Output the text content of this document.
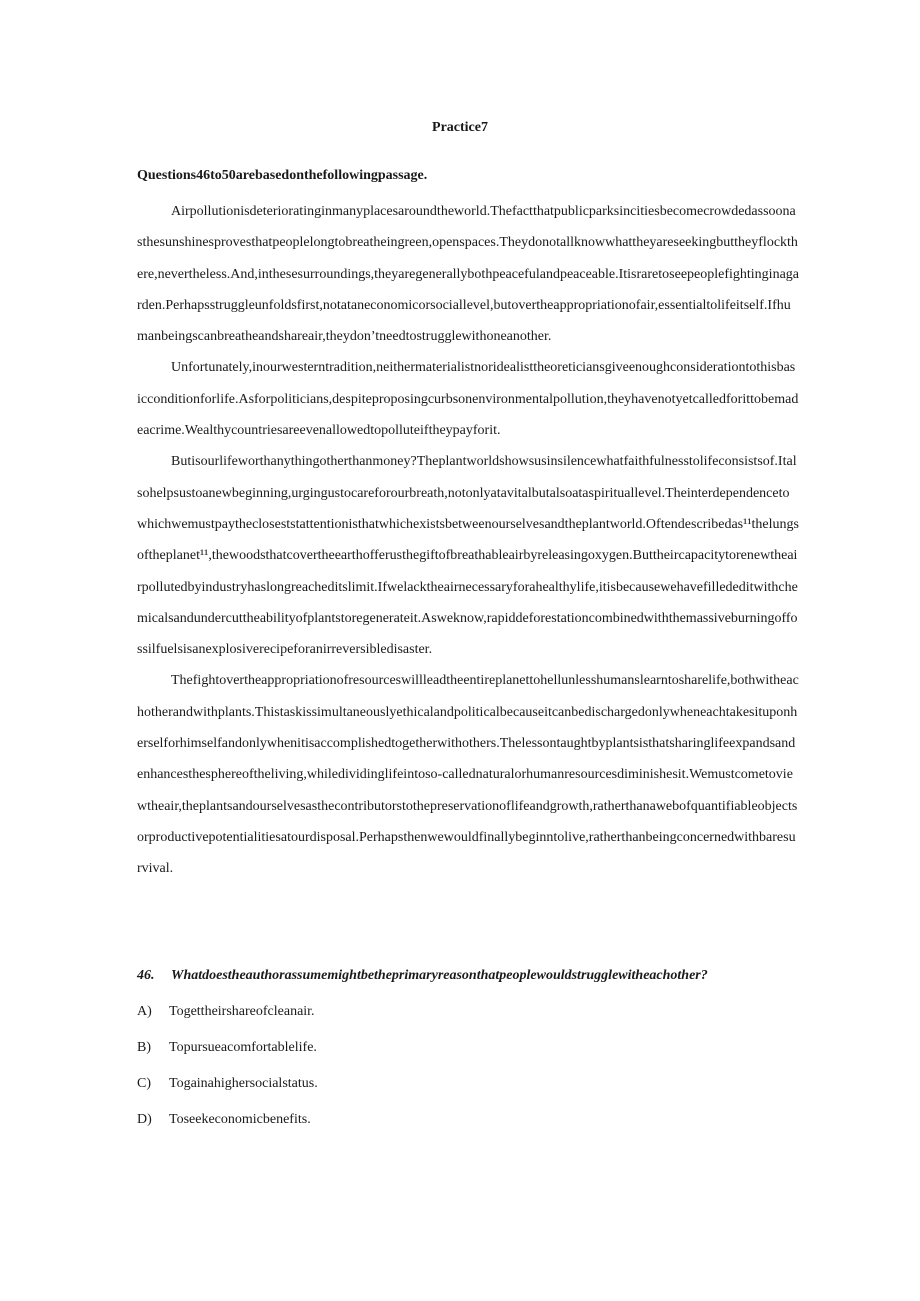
Practice7
Questions46to50arebasedonthefollowingpassage.

Airpollutionisdeterioratinginmanyplacesaroundtheworld.Thefactthatpublicparksincitiesbecomecrowdedassoonasthesunshinesprovesthatpeoplelongtobreatheingreen,openspaces.Theydonotallknowwhattheyareseekingbuttheyflockthere,nevertheless.And,inthesesurroundings,theyaregenerallybothpeacefulandpeaceable.Itisraretoseepeoplefightinginagarden.Perhapsstruggleunfoldsfirst,notataneconomicorsociallevel,butovertheappropriationofair,essentialtolifeitself.Ifhumanbeingscanbreatheandshareair,theydon’tneedtostrugglewithoneanother.

Unfortunately,inourwesterntradition,neithermaterialistnoridealisttheoreticiansgiveenoughconsiderationtothisbasicconditionforlife.Asforpoliticians,despiteproposingcurbsonenvironmentalpollution,theyhavenotyetcalledforittobemadeacrime.Wealthycountriesareevenallowedtopolluteiftheypayforit.

Butisourlifeworthanythingotherthanmoney?Theplantworldshowsusinsilencewhatfaithfulnesstolifeconsistsof.Italsohelpsustoanewbeginning,urgingustocareforourbreath,notonlyatavitalbutalsoataspirituallevel.Theinterdependencetowhichwemustpaythecloseststattentionisthatwhichexistsbetweenourselvesandtheplantworld.Oftendescribedas¹¹thelungsoftheplanet¹¹,thewoodsthatcovertheearthofferusthegiftofbreathableairbyreleasingoxygen.Buttheircapacitytorenewtheairpollutedbyindustryhaslongreacheditslimit.Ifwelacktheairnecessaryforahealthylife,itisbecausewehavefillededitwithchemicalsandundercuttheabilityofplantstoregenerateit.Asweknow,rapiddeforestationcombinedwiththemassiveburningoffossilfuelsisanexplosiverecipeforanirreversibledisaster.

Thefightovertheappropriationofresourceswillleadtheentireplanettohellunlesshumanslearntosharelife,bothwitheachotherandwithplants.Thistaskissimultaneouslyethicalandpoliticalbecauseitcanbedischargedonlywheneachtakesituponherselforhimselfandonlywhenitisaccomplishedtogetherwithothers.Thelessontaughtbyplantsisthatsharinglifeexpandsandenhancesthesphereoftheliving,whiledividinglifeintoso-callednaturalorhumanresourcesdiminishesit.Wemustcometoviewtheair,theplantsandourselvesasthecontributorstothepreservationoflifeandgrowth,ratherthanawebofquantifiableobjectsorproductivepotentialitiesatourdisposal.Perhapsthenwewouldfinallybeginntolive,ratherthanbeingconcernedwithbaresurvival.

46. Whatdoestheauthorassumemightbetheprimaryreasonthatpeoplewouldstrugglewitheachother?
A) Togettheirshareofcleanair.
B) Topursueacomfortablelife.
C) Togainahighersocialstatus.
D) Toseekeconomicbenefits.
